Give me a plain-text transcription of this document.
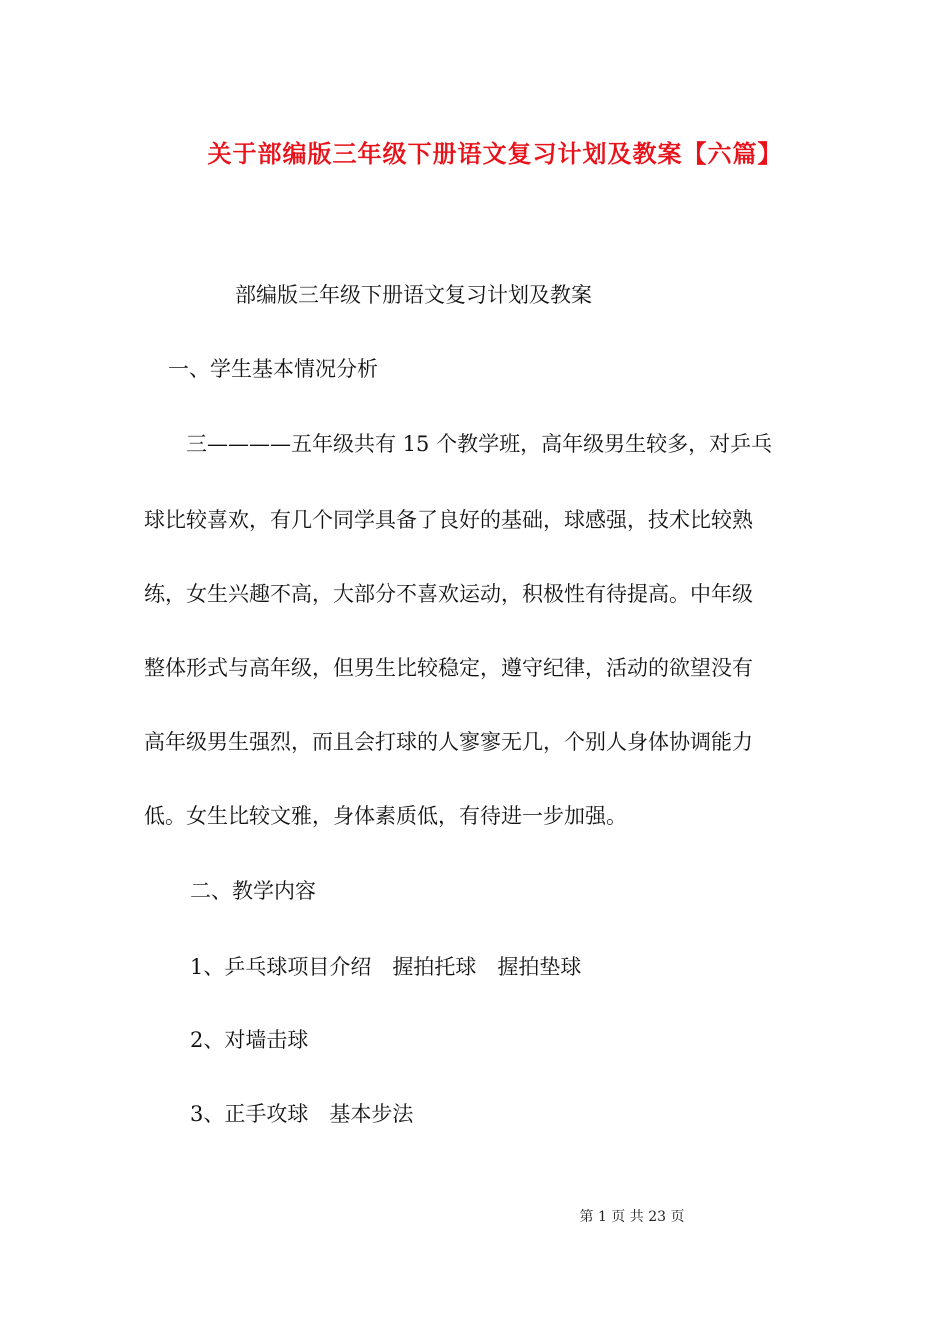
关于部编版三年级下册语文复习计划及教案【六篇】
部编版三年级下册语文复习计划及教案
一、学生基本情况分析
　　三————五年级共有 15 个教学班，高年级男生较多，对乒乓
球比较喜欢，有几个同学具备了良好的基础，球感强，技术比较熟
练，女生兴趣不高，大部分不喜欢运动，积极性有待提高。中年级
整体形式与高年级，但男生比较稳定，遵守纪律，活动的欲望没有
高年级男生强烈，而且会打球的人寥寥无几，个别人身体协调能力
低。女生比较文雅，身体素质低，有待进一步加强。
二、教学内容
1、乒乓球项目介绍　握拍托球　握拍垫球
2、对墙击球
3、正手攻球　基本步法
第 1 页 共 23 页
